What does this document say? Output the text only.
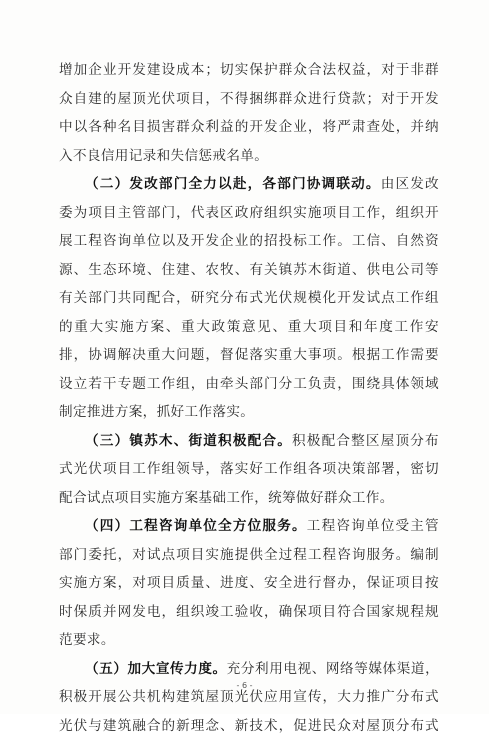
增加企业开发建设成本；切实保护群众合法权益，对于非群
众自建的屋顶光伏项目，不得捆绑群众进行贷款；对于开发
中以各种名目损害群众利益的开发企业，将严肃查处，并纳
入不良信用记录和失信惩戒名单。
（二）发改部门全力以赴，各部门协调联动。由区发改
委为项目主管部门，代表区政府组织实施项目工作，组织开
展工程咨询单位以及开发企业的招投标工作。工信、自然资
源、生态环境、住建、农牧、有关镇苏木街道、供电公司等
有关部门共同配合，研究分布式光伏规模化开发试点工作组
的重大实施方案、重大政策意见、重大项目和年度工作安
排，协调解决重大问题，督促落实重大事项。根据工作需要
设立若干专题工作组，由牵头部门分工负责，围绕具体领域
制定推进方案，抓好工作落实。
（三）镇苏木、街道积极配合。积极配合整区屋顶分布
式光伏项目工作组领导，落实好工作组各项决策部署，密切
配合试点项目实施方案基础工作，统筹做好群众工作。
（四）工程咨询单位全方位服务。工程咨询单位受主管
部门委托，对试点项目实施提供全过程工程咨询服务。编制
实施方案，对项目质量、进度、安全进行督办，保证项目按
时保质并网发电，组织竣工验收，确保项目符合国家规程规
范要求。
（五）加大宣传力度。充分利用电视、网络等媒体渠道，
积极开展公共机构建筑屋顶光伏应用宣传，大力推广分布式
光伏与建筑融合的新理念、新技术，促进民众对屋顶分布式
- 6 -
